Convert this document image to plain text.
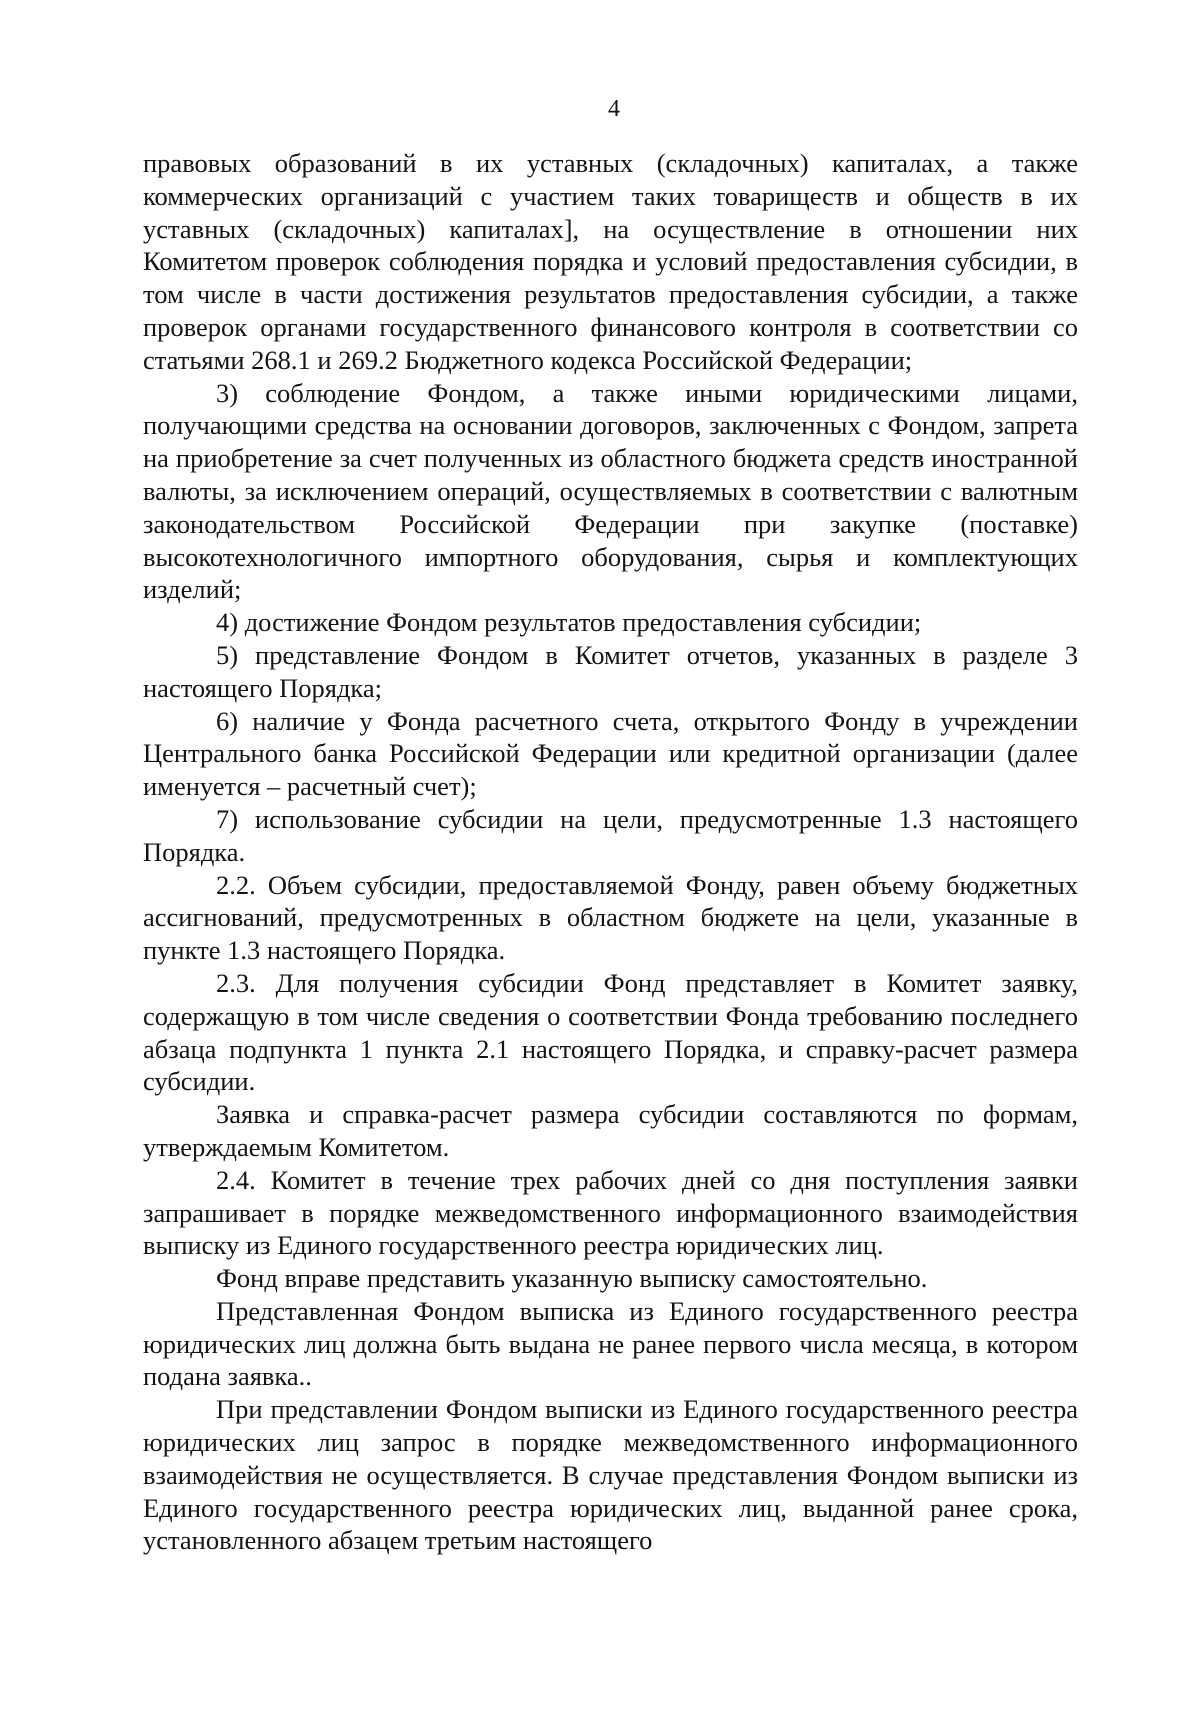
4

правовых образований в их уставных (складочных) капиталах, а также коммерческих организаций с участием таких товариществ и обществ в их уставных (складочных) капиталах], на осуществление в отношении них Комитетом проверок соблюдения порядка и условий предоставления субсидии, в том числе в части достижения результатов предоставления субсидии, а также проверок органами государственного финансового контроля в соответствии со статьями 268.1 и 269.2 Бюджетного кодекса Российской Федерации;

3) соблюдение Фондом, а также иными юридическими лицами, получающими средства на основании договоров, заключенных с Фондом, запрета на приобретение за счет полученных из областного бюджета средств иностранной валюты, за исключением операций, осуществляемых в соответствии с валютным законодательством Российской Федерации при закупке (поставке) высокотехнологичного импортного оборудования, сырья и комплектующих изделий;

4) достижение Фондом результатов предоставления субсидии;

5) представление Фондом в Комитет отчетов, указанных в разделе 3 настоящего Порядка;

6) наличие у Фонда расчетного счета, открытого Фонду в учреждении Центрального банка Российской Федерации или кредитной организации (далее именуется – расчетный счет);

7) использование субсидии на цели, предусмотренные 1.3 настоящего Порядка.

2.2. Объем субсидии, предоставляемой Фонду, равен объему бюджетных ассигнований, предусмотренных в областном бюджете на цели, указанные в пункте 1.3 настоящего Порядка.

2.3. Для получения субсидии Фонд представляет в Комитет заявку, содержащую в том числе сведения о соответствии Фонда требованию последнего абзаца подпункта 1 пункта 2.1 настоящего Порядка, и справку-расчет размера субсидии.

Заявка и справка-расчет размера субсидии составляются по формам, утверждаемым Комитетом.

2.4. Комитет в течение трех рабочих дней со дня поступления заявки запрашивает в порядке межведомственного информационного взаимодействия выписку из Единого государственного реестра юридических лиц.

Фонд вправе представить указанную выписку самостоятельно.

Представленная Фондом выписка из Единого государственного реестра юридических лиц должна быть выдана не ранее первого числа месяца, в котором подана заявка..

При представлении Фондом выписки из Единого государственного реестра юридических лиц запрос в порядке межведомственного информационного взаимодействия не осуществляется. В случае представления Фондом выписки из Единого государственного реестра юридических лиц, выданной ранее срока, установленного абзацем третьим настоящего
